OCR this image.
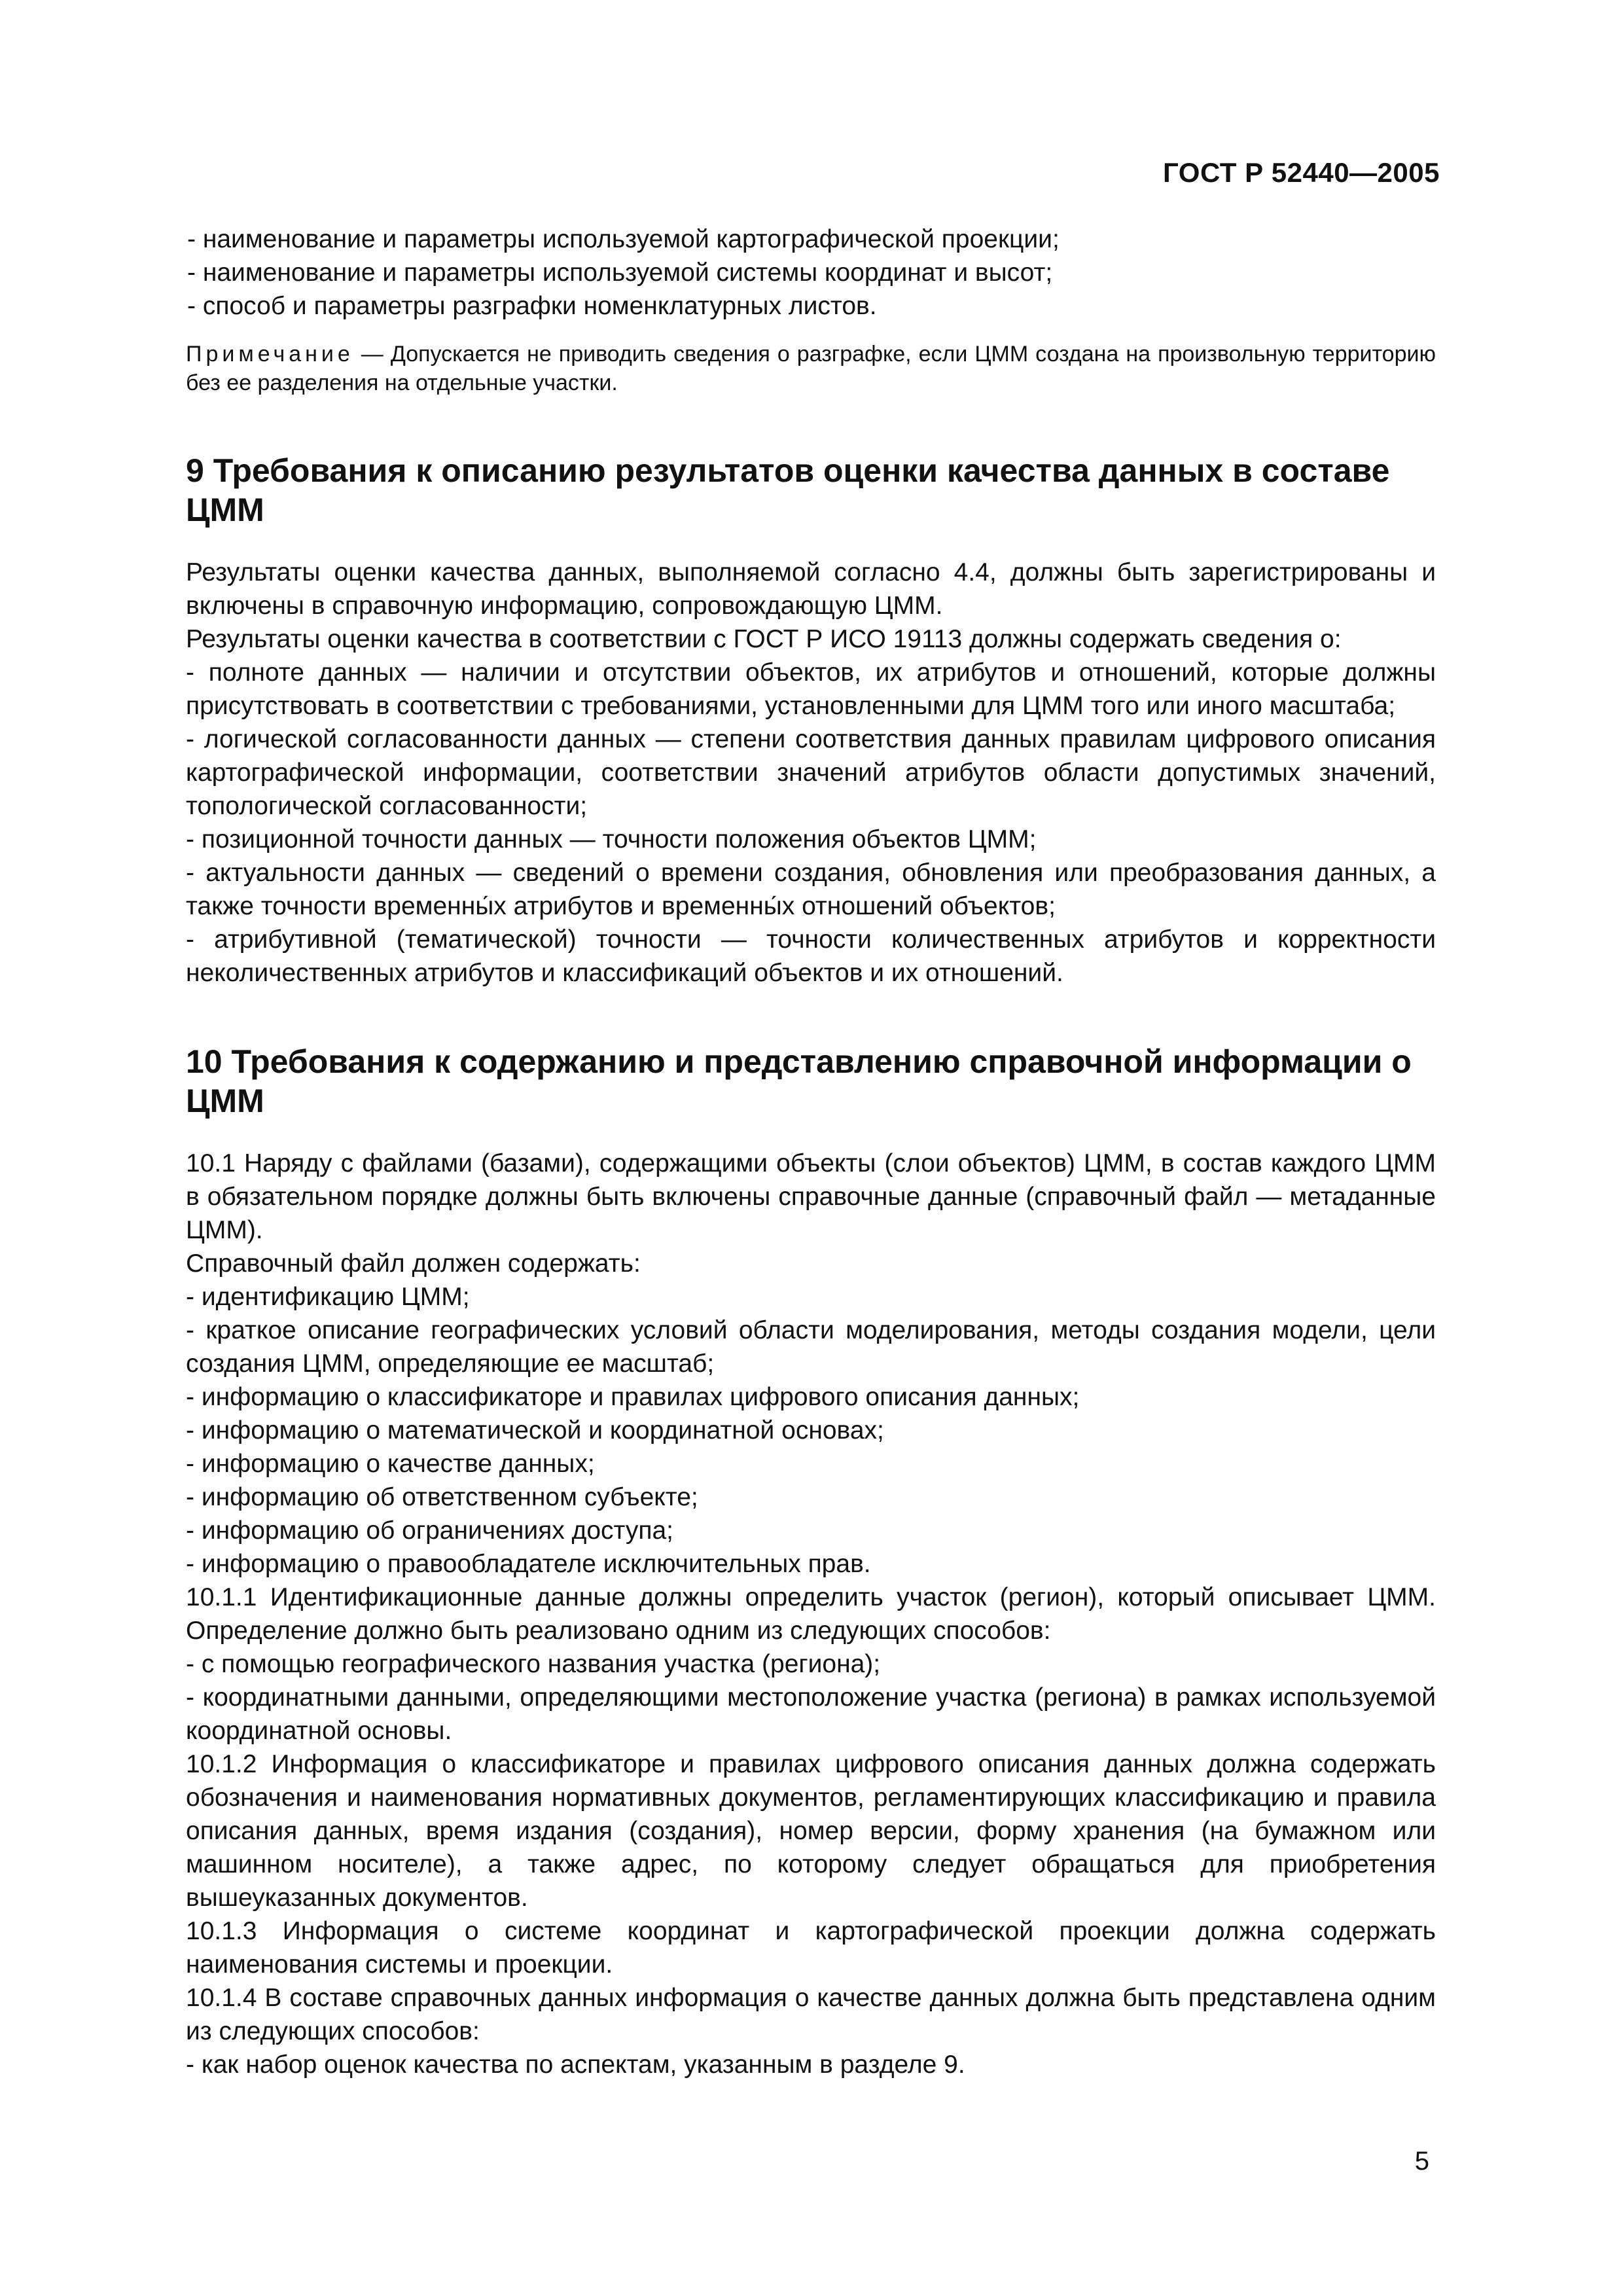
ГОСТ Р 52440—2005

- наименование и параметры используемой картографической проекции;

- наименование и параметры используемой системы координат и высот;

- способ и параметры разграфки номенклатурных листов.

Примечание — Допускается не приводить сведения о разграфке, если ЦММ создана на произвольную территорию без ее разделения на отдельные участки.

9 Требования к описанию результатов оценки качества данных в составе ЦММ

Результаты оценки качества данных, выполняемой согласно 4.4, должны быть зарегистрированы и включены в справочную информацию, сопровождающую ЦММ.

Результаты оценки качества в соответствии с ГОСТ Р ИСО 19113 должны содержать сведения о:

- полноте данных — наличии и отсутствии объектов, их атрибутов и отношений, которые должны присутствовать в соответствии с требованиями, установленными для ЦММ того или иного масштаба;

- логической согласованности данных — степени соответствия данных правилам цифрового описания картографической информации, соответствии значений атрибутов области допустимых значений, топологической согласованности;

- позиционной точности данных — точности положения объектов ЦММ;

- актуальности данных — сведений о времени создания, обновления или преобразования данных, а также точности временны́х атрибутов и временны́х отношений объектов;

- атрибутивной (тематической) точности — точности количественных атрибутов и корректности неколичественных атрибутов и классификаций объектов и их отношений.

10 Требования к содержанию и представлению справочной информации о ЦММ

10.1 Наряду с файлами (базами), содержащими объекты (слои объектов) ЦММ, в состав каждого ЦММ в обязательном порядке должны быть включены справочные данные (справочный файл — метаданные ЦММ).

Справочный файл должен содержать:

- идентификацию ЦММ;

- краткое описание географических условий области моделирования, методы создания модели, цели создания ЦММ, определяющие ее масштаб;

- информацию о классификаторе и правилах цифрового описания данных;

- информацию о математической и координатной основах;

- информацию о качестве данных;

- информацию об ответственном субъекте;

- информацию об ограничениях доступа;

- информацию о правообладателе исключительных прав.

10.1.1 Идентификационные данные должны определить участок (регион), который описывает ЦММ. Определение должно быть реализовано одним из следующих способов:

- с помощью географического названия участка (региона);

- координатными данными, определяющими местоположение участка (региона) в рамках используемой координатной основы.

10.1.2 Информация о классификаторе и правилах цифрового описания данных должна содержать обозначения и наименования нормативных документов, регламентирующих классификацию и правила описания данных, время издания (создания), номер версии, форму хранения (на бумажном или машинном носителе), а также адрес, по которому следует обращаться для приобретения вышеуказанных документов.

10.1.3 Информация о системе координат и картографической проекции должна содержать наименования системы и проекции.

10.1.4 В составе справочных данных информация о качестве данных должна быть представлена одним из следующих способов:

- как набор оценок качества по аспектам, указанным в разделе 9.

5
